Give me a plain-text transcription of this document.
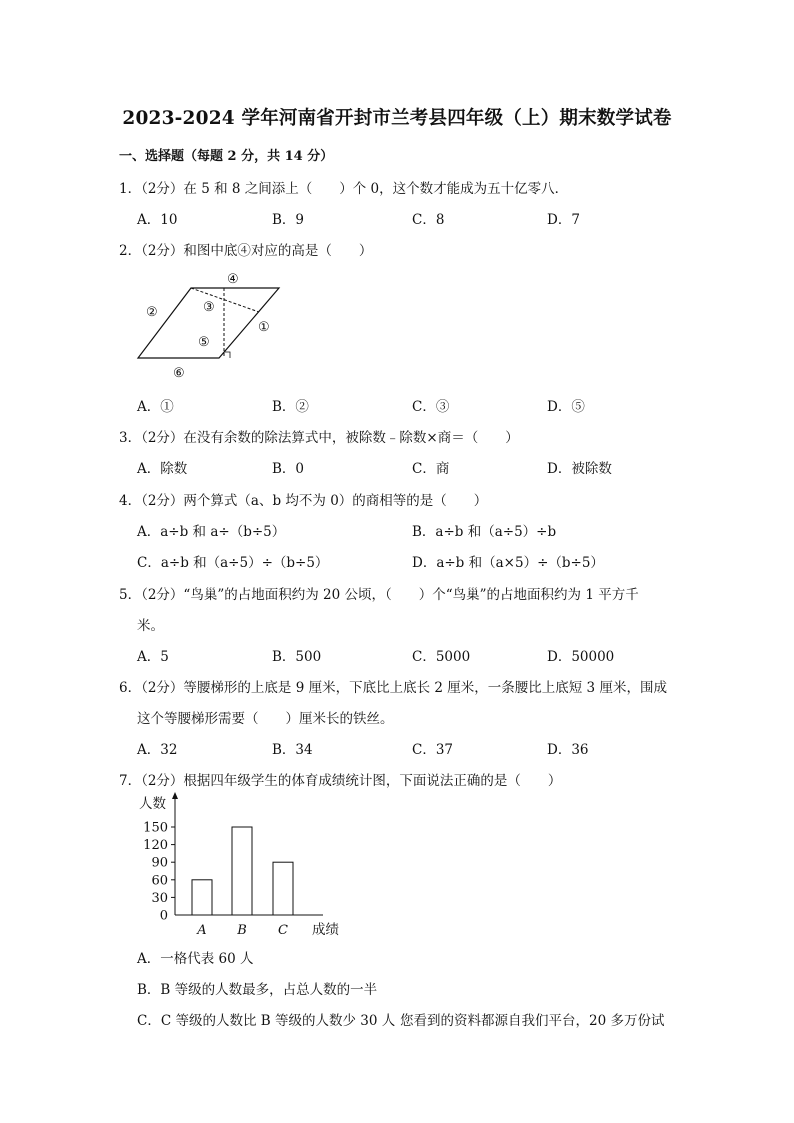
2023-2024 学年河南省开封市兰考县四年级（上）期末数学试卷
一、选择题（每题 2 分，共 14 分）
1．（2分）在 5 和 8 之间添上（　　）个 0，这个数才能成为五十亿零八．
A．10	B．9	C．8	D．7
2．（2分）和图中底④对应的高是（　　）
④
②	③
①
⑤
⑥
A．①	B．②	C．③	D．⑤
3．（2分）在没有余数的除法算式中，被除数﹣除数×商＝（　　）
A．除数	B．0	C．商	D．被除数
4．（2分）两个算式（a、b 均不为 0）的商相等的是（　　）
A．a÷b 和 a÷（b÷5）	B．a÷b 和（a÷5）÷b
C．a÷b 和（a÷5）÷（b÷5）	D．a÷b 和（a×5）÷（b÷5）
5．（2分）“鸟巢”的占地面积约为 20 公顷，（　　）个“鸟巢”的占地面积约为 1 平方千
米。
A．5	B．500	C．5000	D．50000
6．（2分）等腰梯形的上底是 9 厘米，下底比上底长 2 厘米，一条腰比上底短 3 厘米，围成
这个等腰梯形需要（　　）厘米长的铁丝。
A．32	B．34	C．37	D．36
7．（2分）根据四年级学生的体育成绩统计图，下面说法正确的是（　　）
人数
成绩
0
30
60
90
120
150
A B C
A．一格代表 60 人
B．B 等级的人数最多，占总人数的一半
C．C 等级的人数比 B 等级的人数少 30 人 您看到的资料都源自我们平台，20 多万份试
